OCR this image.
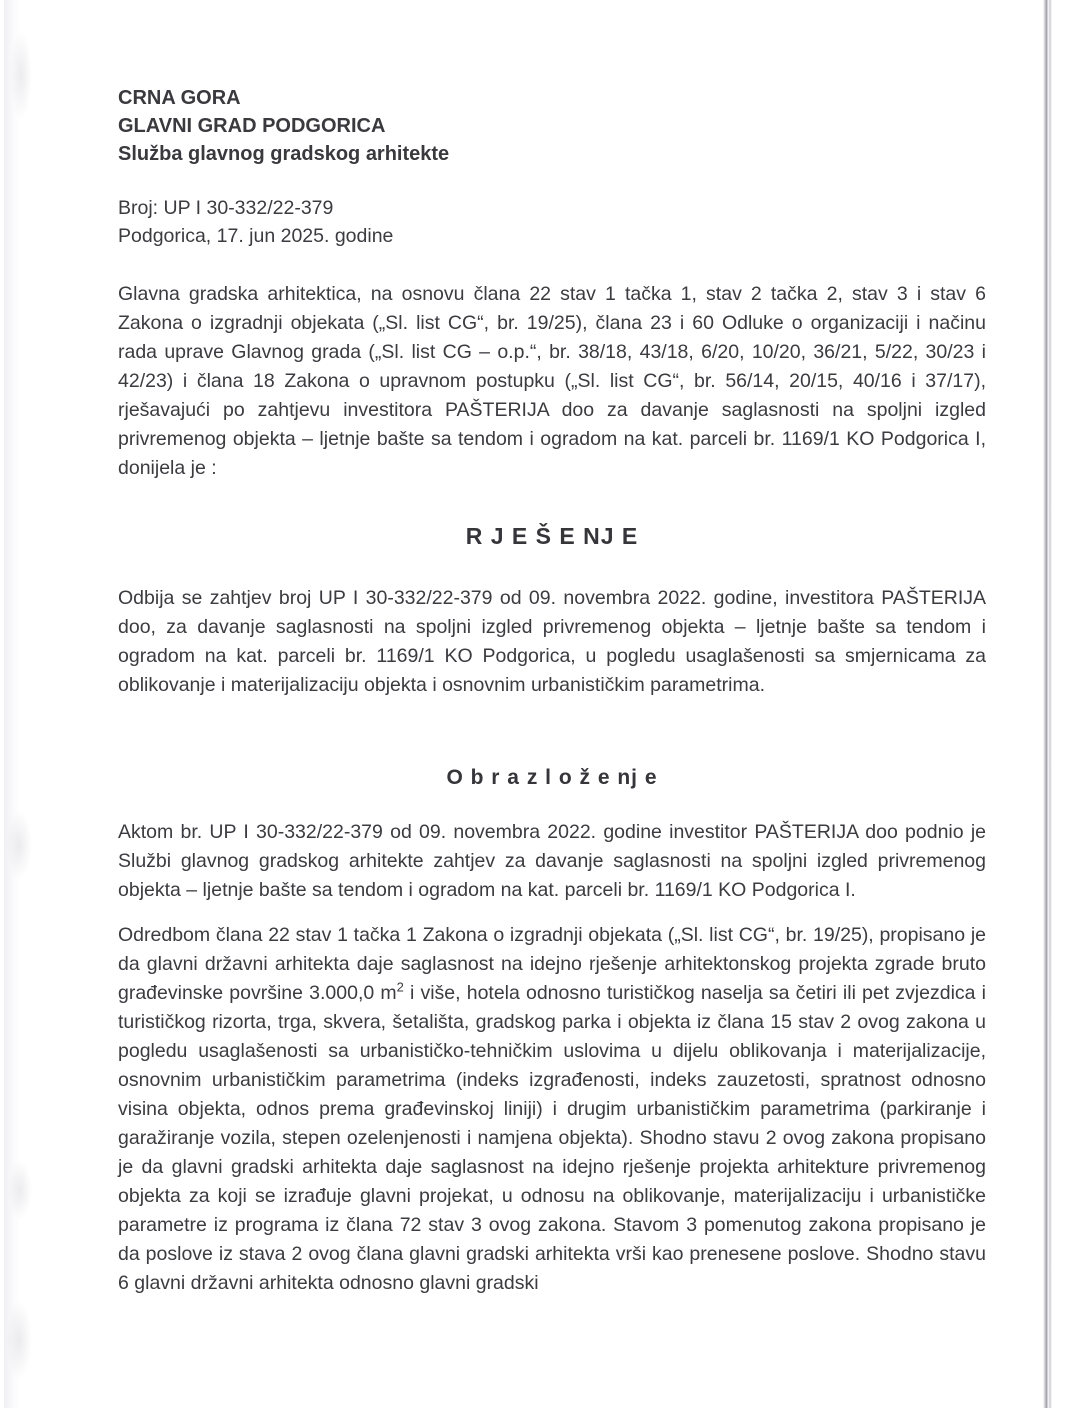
CRNA GORA
GLAVNI GRAD PODGORICA
Služba glavnog gradskog arhitekte
Broj: UP I 30-332/22-379
Podgorica, 17. jun 2025. godine

Glavna gradska arhitektica, na osnovu člana 22 stav 1 tačka 1, stav 2 tačka 2, stav 3 i stav 6 Zakona o izgradnji objekata („Sl. list CG“, br. 19/25), člana 23 i 60 Odluke o organizaciji i načinu rada uprave Glavnog grada („Sl. list CG – o.p.“, br. 38/18, 43/18, 6/20, 10/20, 36/21, 5/22, 30/23 i 42/23) i člana 18 Zakona o upravnom postupku („Sl. list CG“, br. 56/14, 20/15, 40/16 i 37/17), rješavajući po zahtjevu investitora PAŠTERIJA doo za davanje saglasnosti na spoljni izgled privremenog objekta – ljetnje bašte sa tendom i ogradom na kat. parceli br. 1169/1 KO Podgorica I, donijela je :

R J E Š E NJ E

Odbija se zahtjev broj UP I 30-332/22-379 od 09. novembra 2022. godine, investitora PAŠTERIJA doo, za davanje saglasnosti na spoljni izgled privremenog objekta – ljetnje bašte sa tendom i ogradom na kat. parceli br. 1169/1 KO Podgorica, u pogledu usaglašenosti sa smjernicama za oblikovanje i materijalizaciju objekta i osnovnim urbanističkim parametrima.

O b r a z l o ž e nj e

Aktom br. UP I 30-332/22-379 od 09. novembra 2022. godine investitor PAŠTERIJA doo podnio je Službi glavnog gradskog arhitekte zahtjev za davanje saglasnosti na spoljni izgled privremenog objekta – ljetnje bašte sa tendom i ogradom na kat. parceli br. 1169/1 KO Podgorica I.

Odredbom člana 22 stav 1 tačka 1 Zakona o izgradnji objekata („Sl. list CG“, br. 19/25), propisano je da glavni državni arhitekta daje saglasnost na idejno rješenje arhitektonskog projekta zgrade bruto građevinske površine 3.000,0 $m^2$ i više, hotela odnosno turističkog naselja sa četiri ili pet zvjezdica i turističkog rizorta, trga, skvera, šetališta, gradskog parka i objekta iz člana 15 stav 2 ovog zakona u pogledu usaglašenosti sa urbanističko-tehničkim uslovima u dijelu oblikovanja i materijalizacije, osnovnim urbanističkim parametrima (indeks izgrađenosti, indeks zauzetosti, spratnost odnosno visina objekta, odnos prema građevinskoj liniji) i drugim urbanističkim parametrima (parkiranje i garažiranje vozila, stepen ozelenjenosti i namjena objekta). Shodno stavu 2 ovog zakona propisano je da glavni gradski arhitekta daje saglasnost na idejno rješenje projekta arhitekture privremenog objekta za koji se izrađuje glavni projekat, u odnosu na oblikovanje, materijalizaciju i urbanističke parametre iz programa iz člana 72 stav 3 ovog zakona. Stavom 3 pomenutog zakona propisano je da poslove iz stava 2 ovog člana glavni gradski arhitekta vrši kao prenesene poslove. Shodno stavu 6 glavni državni arhitekta odnosno glavni gradski
